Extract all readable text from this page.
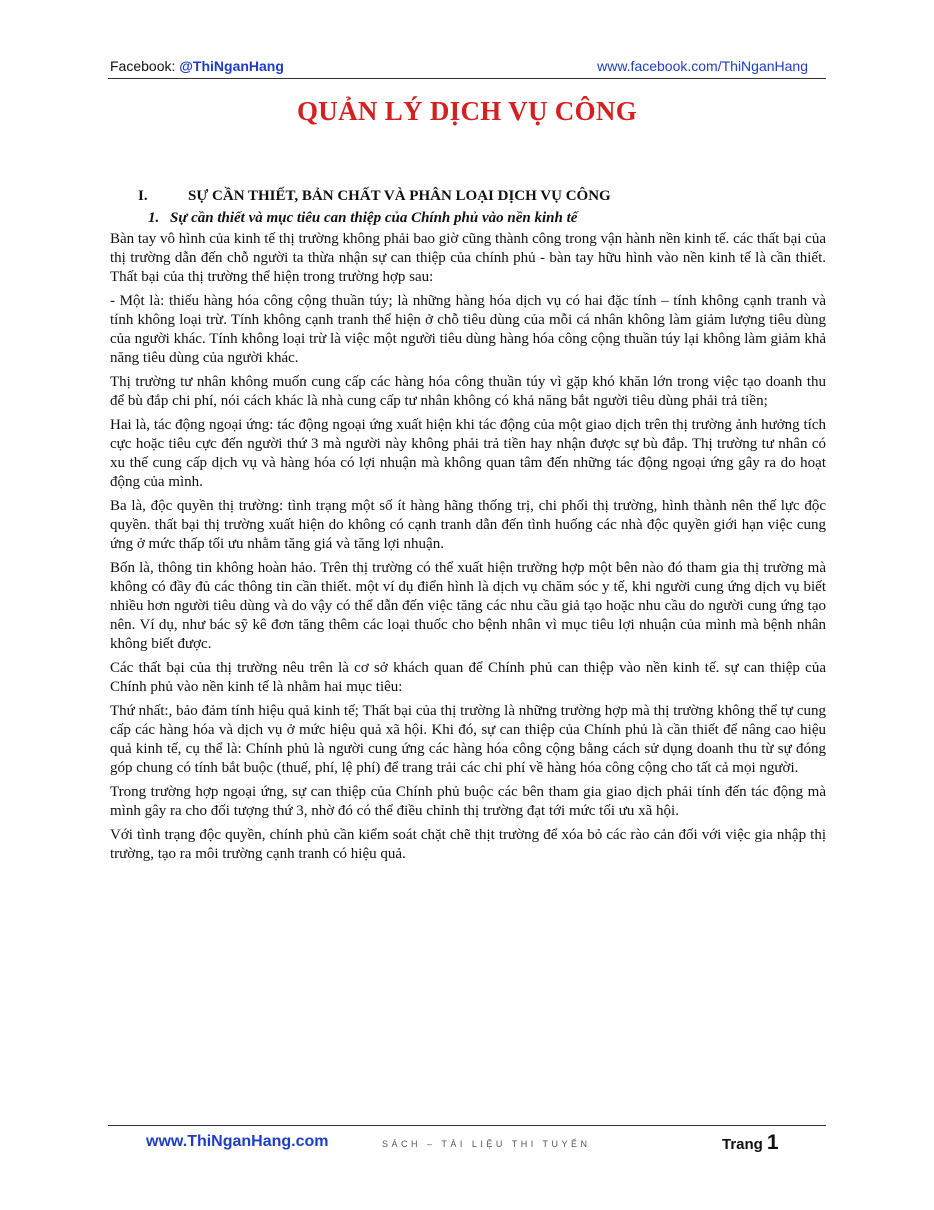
Facebook: @ThiNganHang	www.facebook.com/ThiNganHang
QUẢN LÝ DỊCH VỤ CÔNG
I.	SỰ CẦN THIẾT, BẢN CHẤT VÀ PHÂN LOẠI DỊCH VỤ CÔNG
1. Sự cần thiết và mục tiêu can thiệp của Chính phủ vào nền kinh tế

Bàn tay vô hình của kinh tế thị trường không phải bao giờ cũng thành công trong vận hành nền kinh tế. các thất bại của thị trường dẫn đến chỗ người ta thừa nhận sự can thiệp của chính phủ - bàn tay hữu hình vào nền kinh tế là cần thiết. Thất bại của thị trường thể hiện trong trường hợp sau:

- Một là: thiếu hàng hóa công cộng thuần túy; là những hàng hóa dịch vụ có hai đặc tính – tính không cạnh tranh và tính không loại trừ. Tính không cạnh tranh thể hiện ở chỗ tiêu dùng của mỗi cá nhân không làm giảm lượng tiêu dùng của người khác. Tính không loại trừ là việc một người tiêu dùng hàng hóa công cộng thuần túy lại không làm giảm khả năng tiêu dùng của người khác.

Thị trường tư nhân không muốn cung cấp các hàng hóa công thuần túy vì gặp khó khăn lớn trong việc tạo doanh thu để bù đắp chi phí, nói cách khác là nhà cung cấp tư nhân không có khả năng bắt người tiêu dùng phải trả tiền;

Hai là, tác động ngoại ứng: tác động ngoại ứng xuất hiện khi tác động của một giao dịch trên thị trường ảnh hưởng tích cực hoặc tiêu cực đến người thứ 3 mà người này không phải trả tiền hay nhận được sự bù đắp. Thị trường tư nhân có xu thế cung cấp dịch vụ và hàng hóa có lợi nhuận mà không quan tâm đến những tác động ngoại ứng gây ra do hoạt động của mình.

Ba là, độc quyền thị trường: tình trạng một số ít hàng hãng thống trị, chi phối thị trường, hình thành nên thế lực độc quyền. thất bại thị trường xuất hiện do không có cạnh tranh dẫn đến tình huống các nhà độc quyền giới hạn việc cung ứng ở mức thấp tối ưu nhằm tăng giá và tăng lợi nhuận.

Bốn là, thông tin không hoàn hảo. Trên thị trường có thể xuất hiện trường hợp một bên nào đó tham gia thị trường mà không có đầy đủ các thông tin cần thiết. một ví dụ điển hình là dịch vụ chăm sóc y tế, khi người cung ứng dịch vụ biết nhiều hơn người tiêu dùng và do vậy có thể dẫn đến việc tăng các nhu cầu giả tạo hoặc nhu cầu do người cung ứng tạo nên. Ví dụ, như bác sỹ kê đơn tăng thêm các loại thuốc cho bệnh nhân vì mục tiêu lợi nhuận của mình mà bệnh nhân không biết được.

Các thất bại của thị trường nêu trên là cơ sở khách quan để Chính phủ can thiệp vào nền kinh tế. sự can thiệp của Chính phủ vào nền kinh tế là nhằm hai mục tiêu:

Thứ nhất:, bảo đảm tính hiệu quả kinh tế; Thất bại của thị trường là những trường hợp mà thị trường không thể tự cung cấp các hàng hóa và dịch vụ ở mức hiệu quả xã hội. Khi đó, sự can thiệp của Chính phủ là cần thiết để nâng cao hiệu quả kinh tế, cụ thể là: Chính phủ là người cung ứng các hàng hóa công cộng bằng cách sử dụng doanh thu từ sự đóng góp chung có tính bắt buộc (thuế, phí, lệ phí) để trang trải các chi phí về hàng hóa công cộng cho tất cả mọi người.

Trong trường hợp ngoại ứng, sự can thiệp của Chính phủ buộc các bên tham gia giao dịch phải tính đến tác động mà mình gây ra cho đối tượng thứ 3, nhờ đó có thể điều chỉnh thị trường đạt tới mức tối ưu xã hội.

Với tình trạng độc quyền, chính phủ cần kiểm soát chặt chẽ thịt trường để xóa bỏ các rào cản đối với việc gia nhập thị trường, tạo ra môi trường cạnh tranh có hiệu quả.

www.ThiNganHang.com	SÁCH – TÀI LIỆU THI TUYỂN	Trang 1
